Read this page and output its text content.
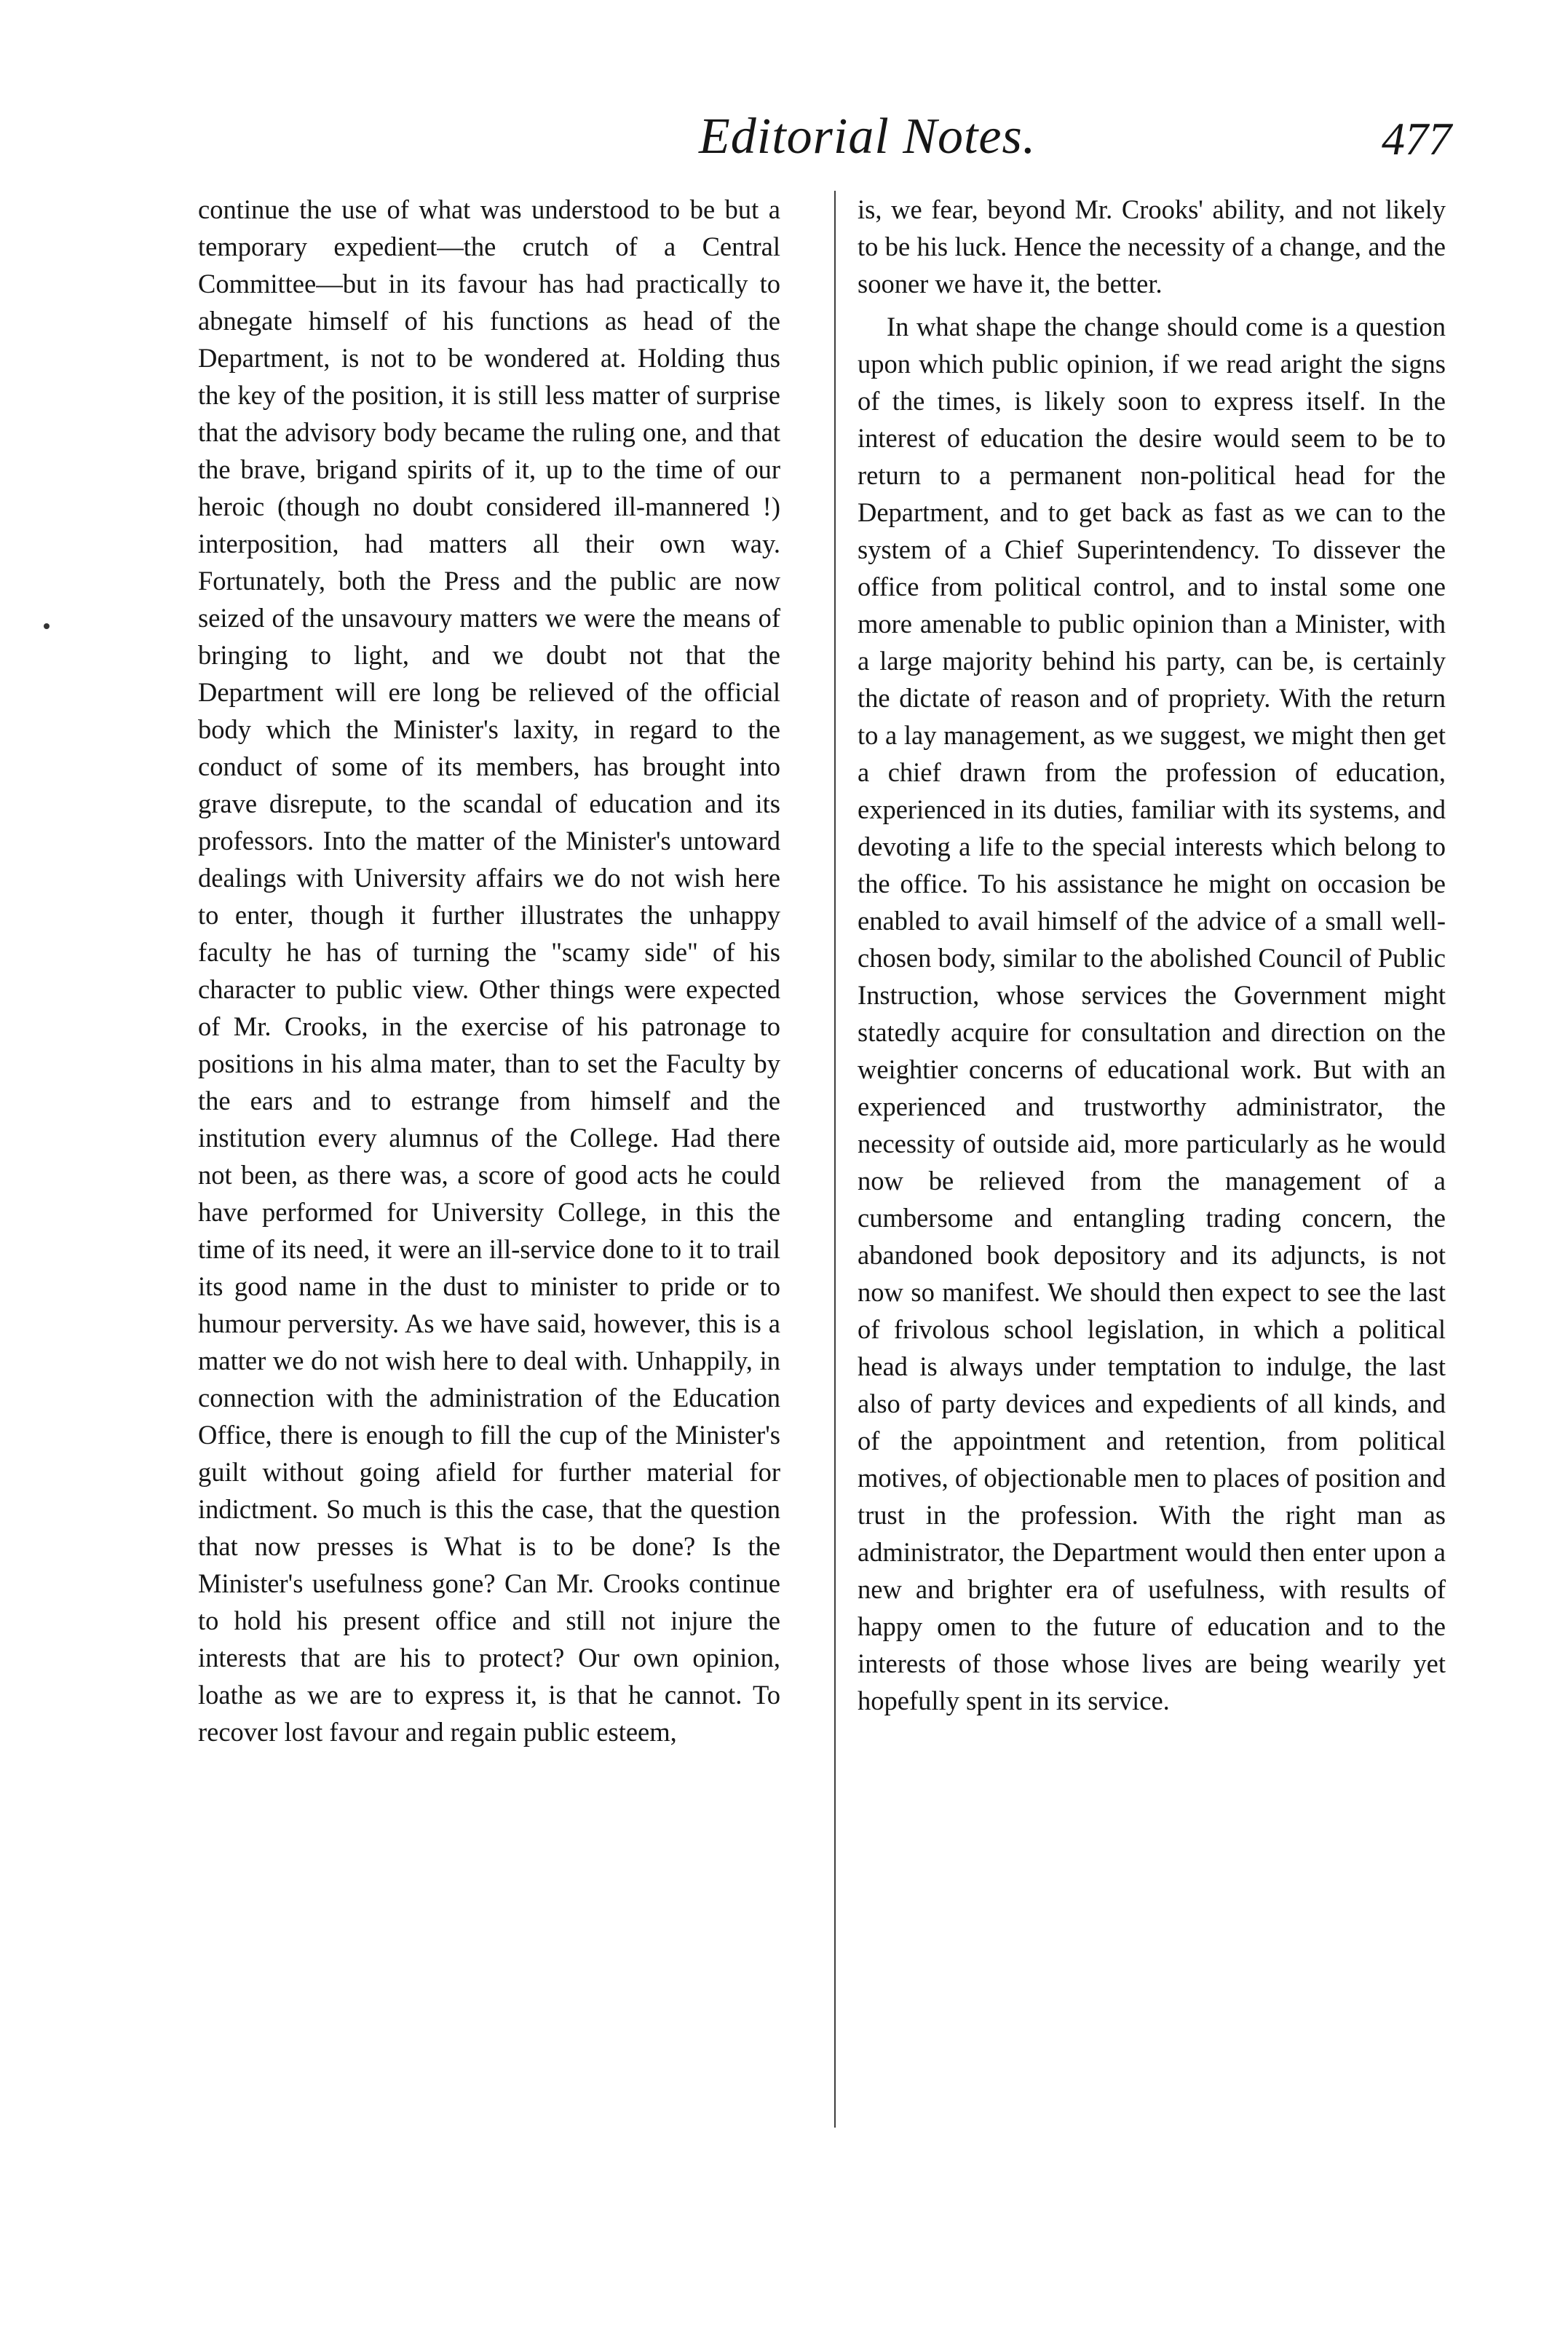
Editorial Notes.	477

continue the use of what was understood to be but a temporary expedient—the crutch of a Central Committee—but in its favour has had practically to abnegate himself of his functions as head of the Department, is not to be wondered at. Holding thus the key of the position, it is still less matter of surprise that the advisory body became the ruling one, and that the brave, brigand spirits of it, up to the time of our heroic (though no doubt considered ill-mannered !) interposition, had matters all their own way. Fortunately, both the Press and the public are now seized of the unsavoury matters we were the means of bringing to light, and we doubt not that the Department will ere long be relieved of the official body which the Minister's laxity, in regard to the conduct of some of its members, has brought into grave disrepute, to the scandal of education and its professors. Into the matter of the Minister's untoward dealings with University affairs we do not wish here to enter, though it further illustrates the unhappy faculty he has of turning the "scamy side" of his character to public view. Other things were expected of Mr. Crooks, in the exercise of his patronage to positions in his alma mater, than to set the Faculty by the ears and to estrange from himself and the institution every alumnus of the College. Had there not been, as there was, a score of good acts he could have performed for University College, in this the time of its need, it were an ill-service done to it to trail its good name in the dust to minister to pride or to humour perversity. As we have said, however, this is a matter we do not wish here to deal with. Unhappily, in connection with the administration of the Education Office, there is enough to fill the cup of the Minister's guilt without going afield for further material for indictment. So much is this the case, that the question that now presses is What is to be done? Is the Minister's usefulness gone? Can Mr. Crooks continue to hold his present office and still not injure the interests that are his to protect? Our own opinion, loathe as we are to express it, is that he cannot. To recover lost favour and regain public esteem,

is, we fear, beyond Mr. Crooks' ability, and not likely to be his luck. Hence the necessity of a change, and the sooner we have it, the better.

In what shape the change should come is a question upon which public opinion, if we read aright the signs of the times, is likely soon to express itself. In the interest of education the desire would seem to be to return to a permanent non-political head for the Department, and to get back as fast as we can to the system of a Chief Superintendency. To dissever the office from political control, and to instal some one more amenable to public opinion than a Minister, with a large majority behind his party, can be, is certainly the dictate of reason and of propriety. With the return to a lay management, as we suggest, we might then get a chief drawn from the profession of education, experienced in its duties, familiar with its systems, and devoting a life to the special interests which belong to the office. To his assistance he might on occasion be enabled to avail himself of the advice of a small well-chosen body, similar to the abolished Council of Public Instruction, whose services the Government might statedly acquire for consultation and direction on the weightier concerns of educational work. But with an experienced and trustworthy administrator, the necessity of outside aid, more particularly as he would now be relieved from the management of a cumbersome and entangling trading concern, the abandoned book depository and its adjuncts, is not now so manifest. We should then expect to see the last of frivolous school legislation, in which a political head is always under temptation to indulge, the last also of party devices and expedients of all kinds, and of the appointment and retention, from political motives, of objectionable men to places of position and trust in the profession. With the right man as administrator, the Department would then enter upon a new and brighter era of usefulness, with results of happy omen to the future of education and to the interests of those whose lives are being wearily yet hopefully spent in its service.
